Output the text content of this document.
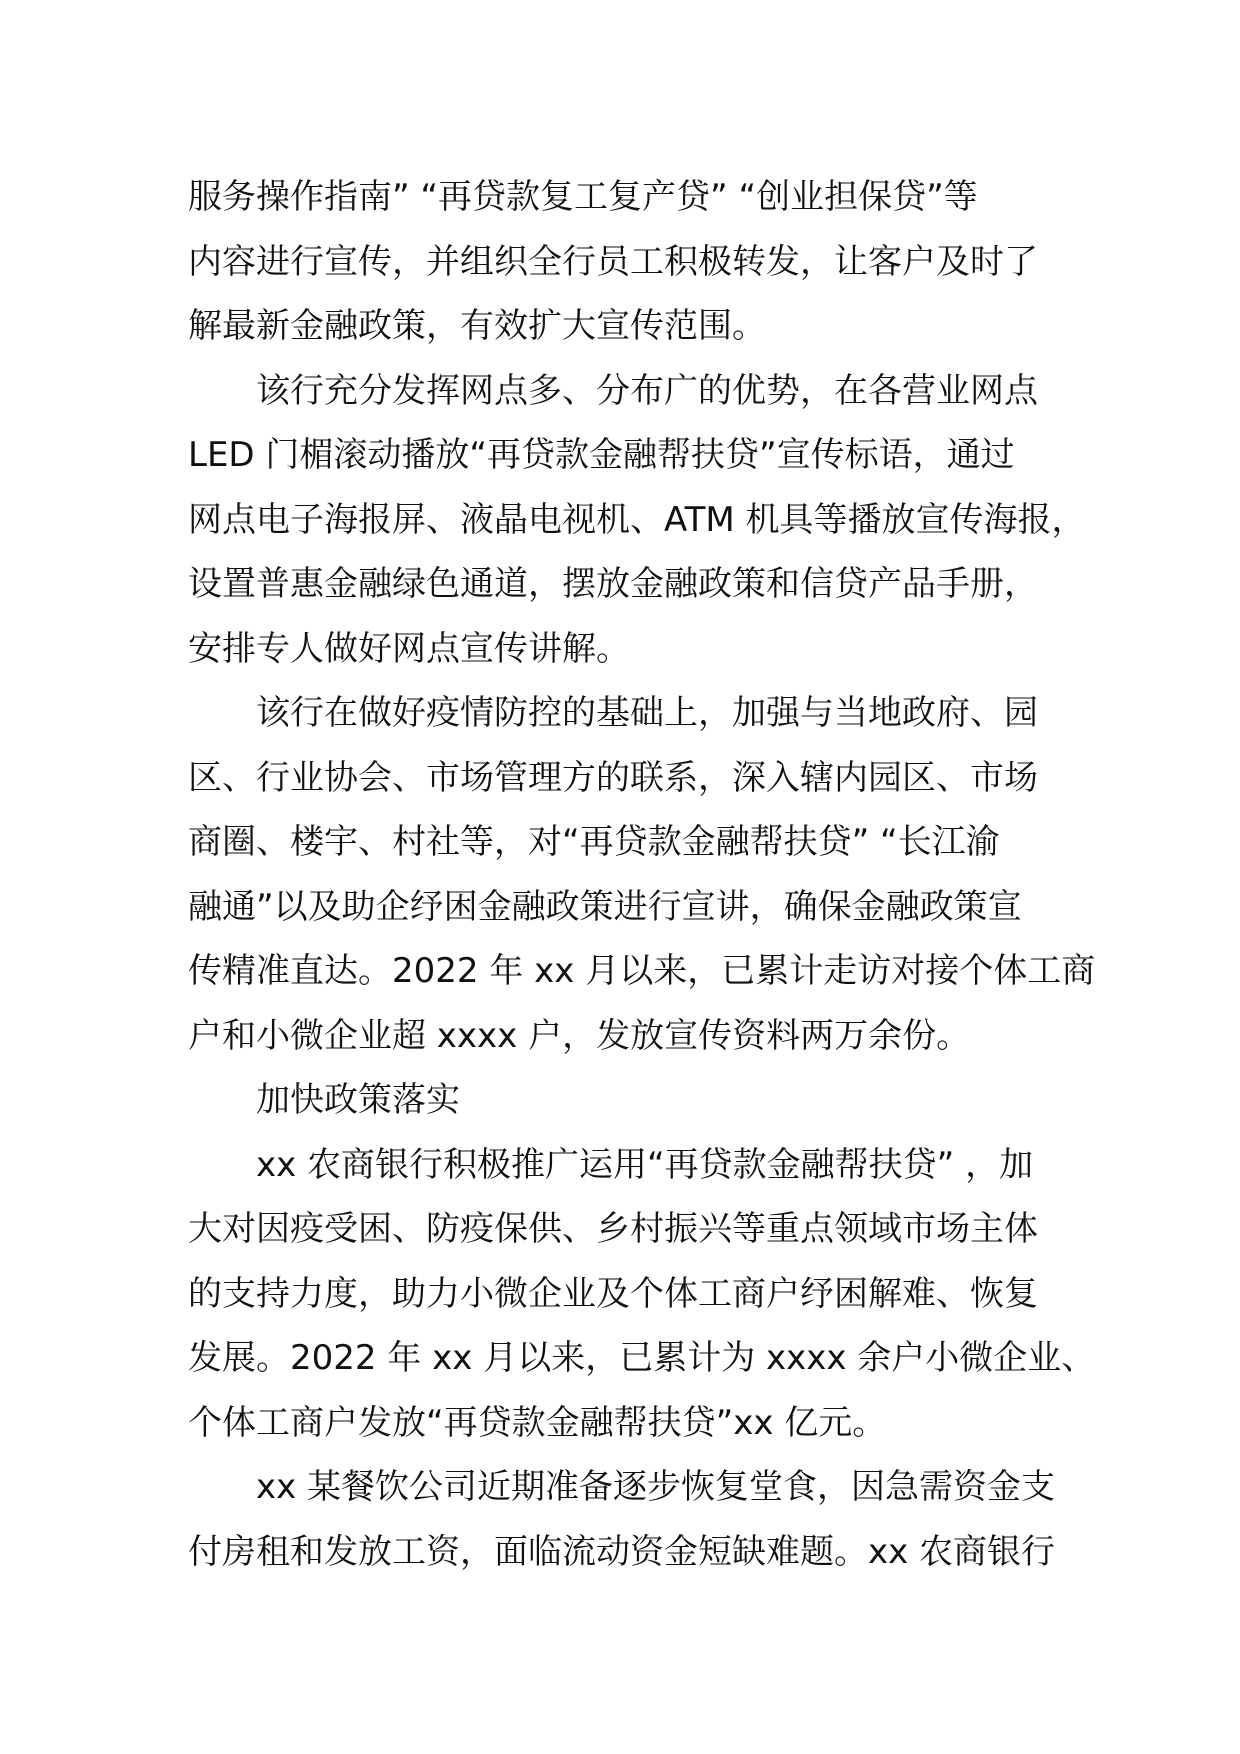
服务操作指南” “再贷款复工复产贷” “创业担保贷”等
内容进行宣传，并组织全行员工积极转发，让客户及时了
解最新金融政策，有效扩大宣传范围。
该行充分发挥网点多、分布广的优势，在各营业网点
LED 门楣滚动播放“再贷款金融帮扶贷”宣传标语，通过
网点电子海报屏、液晶电视机、ATM 机具等播放宣传海报，
设置普惠金融绿色通道，摆放金融政策和信贷产品手册，
安排专人做好网点宣传讲解。
该行在做好疫情防控的基础上，加强与当地政府、园
区、行业协会、市场管理方的联系，深入辖内园区、市场
商圈、楼宇、村社等，对“再贷款金融帮扶贷” “长江渝
融通”以及助企纾困金融政策进行宣讲，确保金融政策宣
传精准直达。2022 年 xx 月以来，已累计走访对接个体工商
户和小微企业超 xxxx 户，发放宣传资料两万余份。
加快政策落实
xx 农商银行积极推广运用“再贷款金融帮扶贷” ，加
大对因疫受困、防疫保供、乡村振兴等重点领域市场主体
的支持力度，助力小微企业及个体工商户纾困解难、恢复
发展。2022 年 xx 月以来，已累计为 xxxx 余户小微企业、
个体工商户发放“再贷款金融帮扶贷”xx 亿元。
xx 某餐饮公司近期准备逐步恢复堂食，因急需资金支
付房租和发放工资，面临流动资金短缺难题。xx 农商银行
